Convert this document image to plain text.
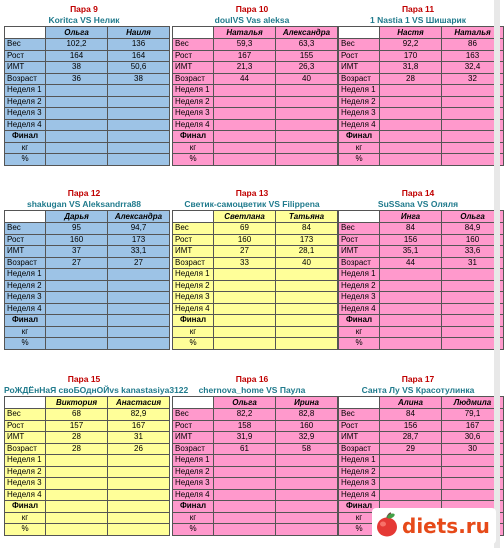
Пара 9
Koritca VS Нелик
	Ольга	Наиля
Вес	102,2	136
Рост	164	164
ИМТ	38	50,6
Возраст	36	38
Неделя 1		
Неделя 2		
Неделя 3		
Неделя 4		
Финал		
кг		
%		
Пара 10
doulVS Vas aleksa
	Наталья	Александра
Вес	59,3	63,3
Рост	167	155
ИМТ	21,3	26,3
Возраст	44	40
Неделя 1		
Неделя 2		
Неделя 3		
Неделя 4		
Финал		
кг		
%		
Пара 11
1 Nastia 1 VS Шишарик
	Настя	Наталья
Вес	92,2	86
Рост	170	163
ИМТ	31,8	32,4
Возраст	28	32
Неделя 1		
Неделя 2		
Неделя 3		
Неделя 4		
Финал		
кг		
%		
Пара 12
shakugan VS Aleksandrra88
	Дарья	Александра
Вес	95	94,7
Рост	160	173
ИМТ	37	33,1
Возраст	27	27
Неделя 1		
Неделя 2		
Неделя 3		
Неделя 4		
Финал		
кг		
%		
Пара 13
Светик-самоцветик VS Filippena
	Светлана	Татьяна
Вес	69	84
Рост	160	173
ИМТ	27	28,1
Возраст	33	40
Неделя 1		
Неделя 2		
Неделя 3		
Неделя 4		
Финал		
кг		
%		
Пара 14
SuSSana VS Оляля
	Инга	Ольга
Вес	84	84,9
Рост	156	160
ИМТ	35,1	33,6
Возраст	44	31
Неделя 1		
Неделя 2		
Неделя 3		
Неделя 4		
Финал		
кг		
%		
Пара 15
РоЖДЁнНаЯ своБОднОЙvs kanastasiya3122
	Виктория	Анастасия
Вес	68	82,9
Рост	157	167
ИМТ	28	31
Возраст	28	26
Неделя 1		
Неделя 2		
Неделя 3		
Неделя 4		
Финал		
кг		
%		
Пара 16
chernova_home VS Паула
	Ольга	Ирина
Вес	82,2	82,8
Рост	158	160
ИМТ	31,9	32,9
Возраст	61	58
Неделя 1		
Неделя 2		
Неделя 3		
Неделя 4		
Финал		
кг		
%		
Пара 17
Санта Лу VS Красотулинка
	Алина	Людмила
Вес	84	79,1
Рост	156	167
ИМТ	28,7	30,6
Возраст	29	30
Неделя 1		
Неделя 2		
Неделя 3		
Неделя 4		
Финал		
кг		
%		diets.ru
